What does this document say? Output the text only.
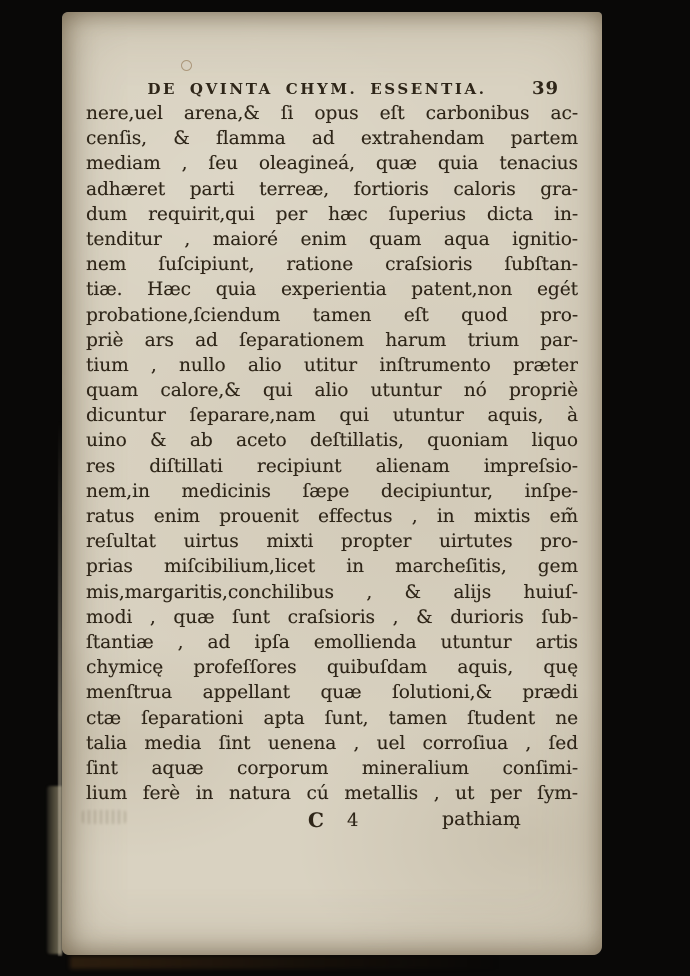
DE QVINTA CHYM. ESSENTIA.	39
nere,uel arena,& ſi opus eſt carbonibus ac-
cenſis, & flamma ad extrahendam partem
mediam , ſeu oleagineá, quæ quia tenacius
adhæret parti terreæ, fortioris caloris gra-
dum requirit,qui per hæc ſuperius dicta in-
tenditur , maioré enim quam aqua ignitio-
nem ſuſcipiunt, ratione craſsioris ſubſtan-
tiæ. Hæc quia experientia patent,non egét
probatione,ſciendum tamen eſt quod pro-
priè ars ad ſeparationem harum trium par-
tium , nullo alio utitur inſtrumento præter
quam calore,& qui alio utuntur nó propriè
dicuntur ſeparare,nam qui utuntur aquis, à
uino & ab aceto deſtillatis, quoniam liquo
res diſtillati recipiunt alienam impreſsio-
nem,in medicinis ſæpe decipiuntur, inſpe-
ratus enim prouenit effectus , in mixtis em̃
reſultat uirtus mixti propter uirtutes pro-
prias miſcibilium,licet in marcheſitis, gem
mis,margaritis,conchilibus , & alijs huiuſ-
modi , quæ ſunt craſsioris , & durioris ſub-
ſtantiæ , ad ipſa emollienda utuntur artis
chymicę profeſſores quibuſdam aquis, quę
menſtrua appellant quæ ſolutioni,& prædi
ctæ ſeparationi apta ſunt, tamen ſtudent ne
talia media ſint uenena , uel corroſiua , ſed
ſint aquæ corporum mineralium conſimi-
lium ferè in natura cú metallis , ut per ſym-
C 4	pathiam̨
